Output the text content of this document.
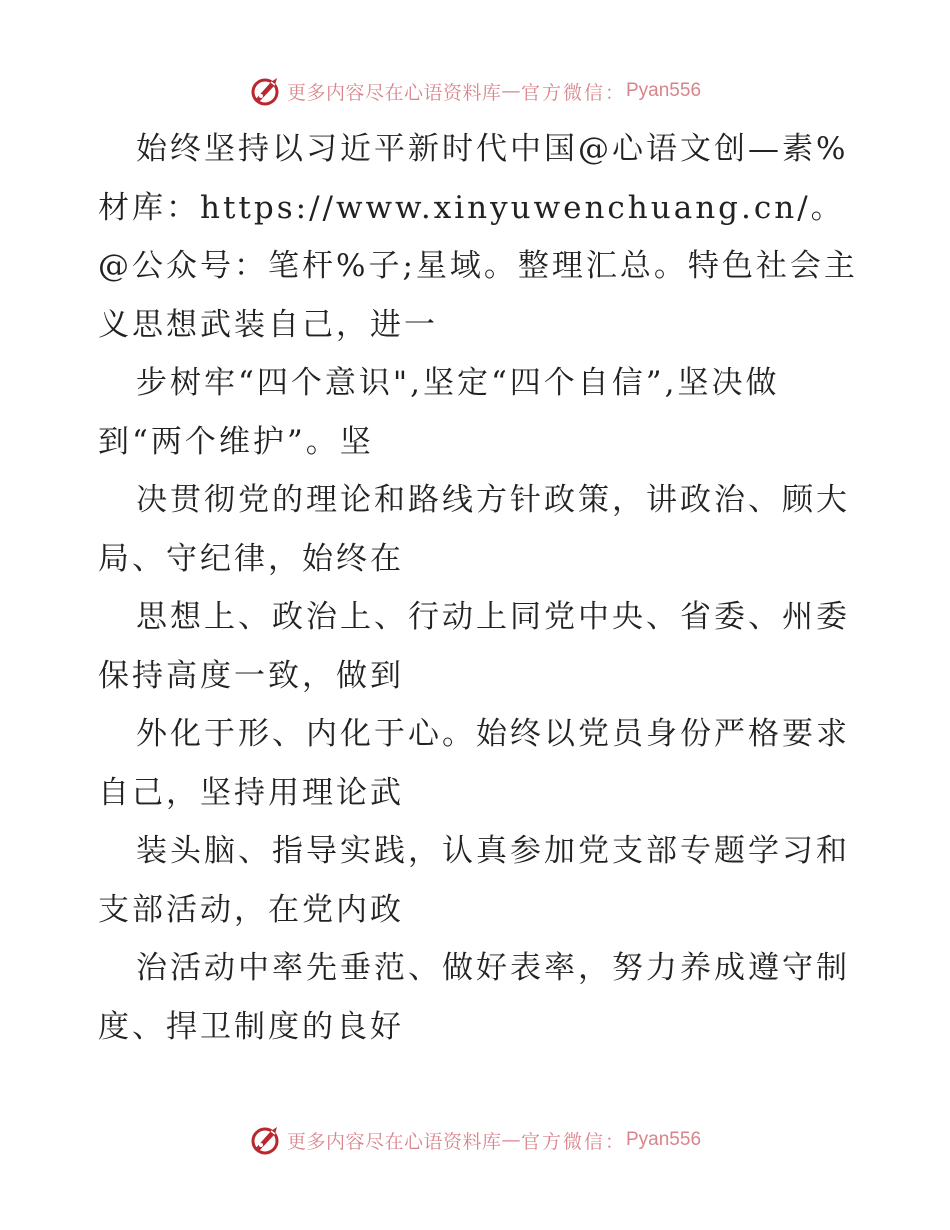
更多内容尽在心语资料库 — 官方微信： Pyan556

始终坚持以习近平新时代中国@心语文创—素%材库：https://www.xinyuwenchuang.cn/。@公众号：笔杆%子;星域。整理汇总。特色社会主义思想武装自己，进一

步树牢“四个意识",坚定“四个自信”,坚决做到“两个维护”。坚

决贯彻党的理论和路线方针政策，讲政治、顾大局、守纪律，始终在

思想上、政治上、行动上同党中央、省委、州委保持高度一致，做到

外化于形、内化于心。始终以党员身份严格要求自己，坚持用理论武

装头脑、指导实践，认真参加党支部专题学习和支部活动，在党内政

治活动中率先垂范、做好表率，努力养成遵守制度、捍卫制度的良好

更多内容尽在心语资料库 — 官方微信： Pyan556
